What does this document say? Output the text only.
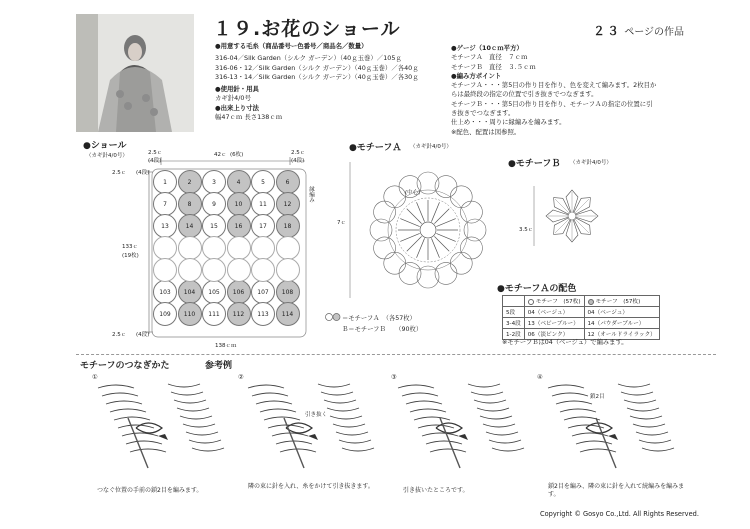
１９.お花のショール	２３ ページの作品
●用意する毛糸（商品番号ー色番号／商品名／数量）
316-04／Silk Garden（シルク ガーデン）（40ｇ玉巻）／105ｇ
316-06・12／Silk Garden（シルク ガーデン）（40ｇ玉巻）／各40ｇ
316-13・14／Silk Garden（シルク ガーデン）（40ｇ玉巻）／各30ｇ
●使用針・用具
カギ針4/0号
●出来上り寸法
幅47ｃｍ 長さ138ｃｍ
●ゲージ（10ｃｍ平方）
モチーフＡ　直径　７ｃｍ
モチーフＢ　直径　３.５ｃｍ
●編み方ポイント
モチーフＡ・・・第5目の作り目を作り、色を変えて編みます。2枚目か
らは最終段の指定の位置で引き抜きでつなぎます。
モチーフＢ・・・第5目の作り目を作り、モチーフＡの指定の位置に引
き抜きでつなぎます。
仕上め・・・周りに縁編みを編みます。
※配色、配置は図参照。
●ショール
（カギ針4/0号）	2.5ｃ
(4段)
42ｃ (6枚)	2.5ｃ
(4段)
2.5ｃ (4段)
133ｃ
(19枚)
2.5ｃ (4段)
138ｃｍ
縁編み
1	2	3	4	5	6
7	8	9	10	11	12
13	14	15	16	17	18
103	104	105	106	107	108
109	110	111	112	113	114
＝モチーフＡ　（各57枚）
Ｂ＝モチーフＢ　　（90枚）
●モチーフＡ （カギ針4/0号）
7ｃ
(中心)
●モチーフＢ （カギ針4/0号）
3.5ｃ
●モチーフＡの配色
	モチーフ　(57枚)	モチーフ　(57枚)
5段	04（ベージュ）	04（ベージュ）
3-4段	13（ベビーブルー）	14（パウダーブルー）
1-2段	06（淡ピンク）	12（オールドライラック）
※モチーフＢは04（ベージュ）で編みます。
モチーフのつなぎかた	参考例
①	②	③	④
引き抜く
鎖2目
つなぐ位置の手前の鎖2目を編みます。
隣の束に針を入れ、糸をかけて引き抜きます。
引き抜いたところです。
鎖2目を編み、隣の束に針を入れて続編みを編みます。
Copyright © Gosyo Co.,Ltd. All Rights Reserved.
